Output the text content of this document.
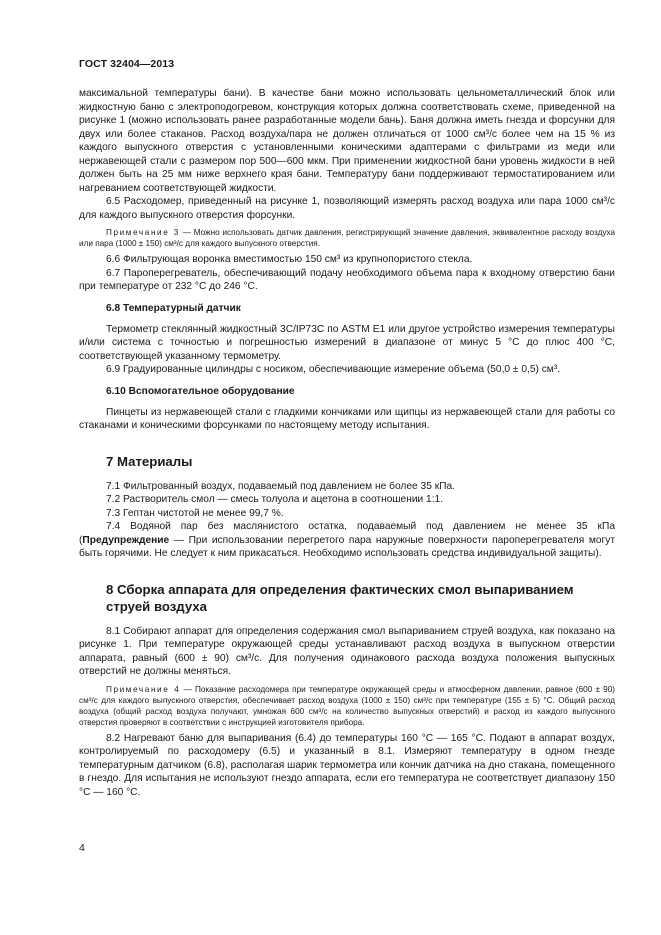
ГОСТ 32404—2013

максимальной температуры бани). В качестве бани можно использовать цельнометаллический блок или жидкостную баню с электроподогревом, конструкция которых должна соответствовать схеме, приведенной на рисунке 1 (можно использовать ранее разработанные модели бань). Баня должна иметь гнезда и форсунки для двух или более стаканов. Расход воздуха/пара не должен отличаться от 1000 см³/с более чем на 15 % из каждого выпускного отверстия с установленными коническими адаптерами с фильтрами из меди или нержавеющей стали с размером пор 500—600 мкм. При применении жидкостной бани уровень жидкости в ней должен быть на 25 мм ниже верхнего края бани. Температуру бани поддерживают термостатированием или нагреванием соответствующей жидкости.

6.5 Расходомер, приведенный на рисунке 1, позволяющий измерять расход воздуха или пара 1000 см³/с для каждого выпускного отверстия форсунки.

Примечание 3 — Можно использовать датчик давления, регистрирующий значение давления, эквивалентное расходу воздуха или пара (1000 ± 150) см³/с для каждого выпускного отверстия.

6.6 Фильтрующая воронка вместимостью 150 см³ из крупнопористого стекла.

6.7 Пароперегреватель, обеспечивающий подачу необходимого объема пара к входному отверстию бани при температуре от 232 °С до 246 °С.

6.8 Температурный датчик

Термометр стеклянный жидкостный 3C/IP73C по ASTM E1 или другое устройство измерения температуры и/или система с точностью и погрешностью измерений в диапазоне от минус 5 °С до плюс 400 °С, соответствующей указанному термометру.

6.9 Градуированные цилиндры с носиком, обеспечивающие измерение объема (50,0 ± 0,5) см³.

6.10 Вспомогательное оборудование

Пинцеты из нержавеющей стали с гладкими кончиками или щипцы из нержавеющей стали для работы со стаканами и коническими форсунками по настоящему методу испытания.

7 Материалы

7.1 Фильтрованный воздух, подаваемый под давлением не более 35 кПа.

7.2 Растворитель смол — смесь толуола и ацетона в соотношении 1:1.

7.3 Гептан чистотой не менее 99,7 %.

7.4 Водяной пар без маслянистого остатка, подаваемый под давлением не менее 35 кПа (Предупреждение — При использовании перегретого пара наружные поверхности пароперегревателя могут быть горячими. Не следует к ним прикасаться. Необходимо использовать средства индивидуальной защиты).

8 Сборка аппарата для определения фактических смол выпариванием струей воздуха

8.1 Собирают аппарат для определения содержания смол выпариванием струей воздуха, как показано на рисунке 1. При температуре окружающей среды устанавливают расход воздуха в выпускном отверстии аппарата, равный (600 ± 90) см³/с. Для получения одинакового расхода воздуха положения выпускных отверстий не должны меняться.

Примечание 4 — Показание расходомера при температуре окружающей среды и атмосферном давлении, равное (600 ± 90) см³/с для каждого выпускного отверстия, обеспечивает расход воздуха (1000 ± 150) см³/с при температуре (155 ± 5) °С. Общий расход воздуха (общий расход воздуха получают, умножая 600 см³/с на количество выпускных отверстий) и расход из каждого выпускного отверстия проверяют в соответствии с инструкцией изготовителя прибора.

8.2 Нагревают баню для выпаривания (6.4) до температуры 160 °С — 165 °С. Подают в аппарат воздух, контролируемый по расходомеру (6.5) и указанный в 8.1. Измеряют температуру в одном гнезде температурным датчиком (6.8), располагая шарик термометра или кончик датчика на дно стакана, помещенного в гнездо. Для испытания не используют гнездо аппарата, если его температура не соответствует диапазону 150 °С — 160 °С.

4
